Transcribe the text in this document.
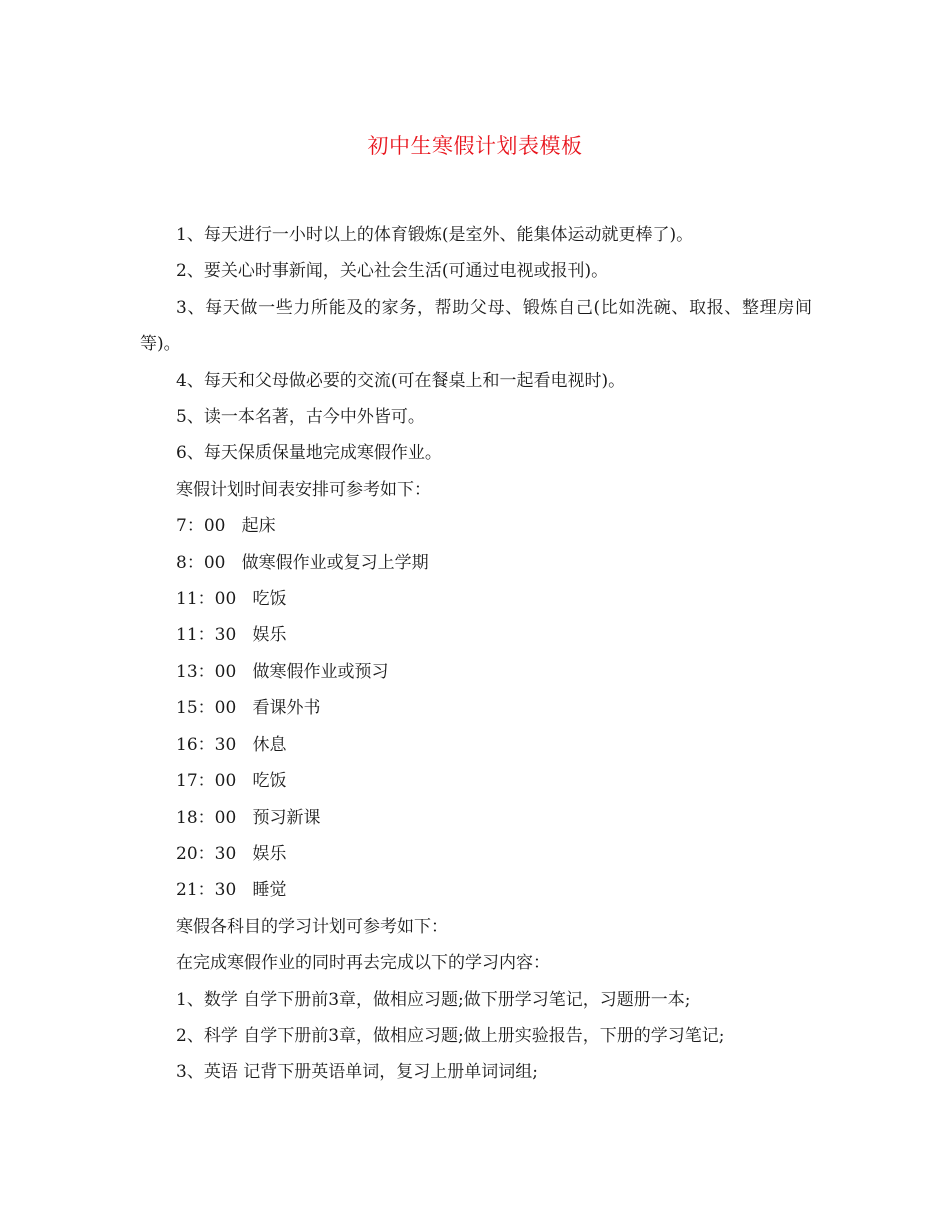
初中生寒假计划表模板
1、每天进行一小时以上的体育锻炼(是室外、能集体运动就更棒了)。
2、要关心时事新闻，关心社会生活(可通过电视或报刊)。
3、每天做一些力所能及的家务，帮助父母、锻炼自己(比如洗碗、取报、整理房间等)。
4、每天和父母做必要的交流(可在餐桌上和一起看电视时)。
5、读一本名著，古今中外皆可。
6、每天保质保量地完成寒假作业。
寒假计划时间表安排可参考如下：
7：00   起床
8：00   做寒假作业或复习上学期
11：00   吃饭
11：30   娱乐
13：00   做寒假作业或预习
15：00   看课外书
16：30   休息
17：00   吃饭
18：00   预习新课
20：30   娱乐
21：30   睡觉
寒假各科目的学习计划可参考如下：
在完成寒假作业的同时再去完成以下的学习内容：
1、数学 自学下册前3章，做相应习题;做下册学习笔记，习题册一本;
2、科学 自学下册前3章，做相应习题;做上册实验报告，下册的学习笔记;
3、英语 记背下册英语单词，复习上册单词词组;
